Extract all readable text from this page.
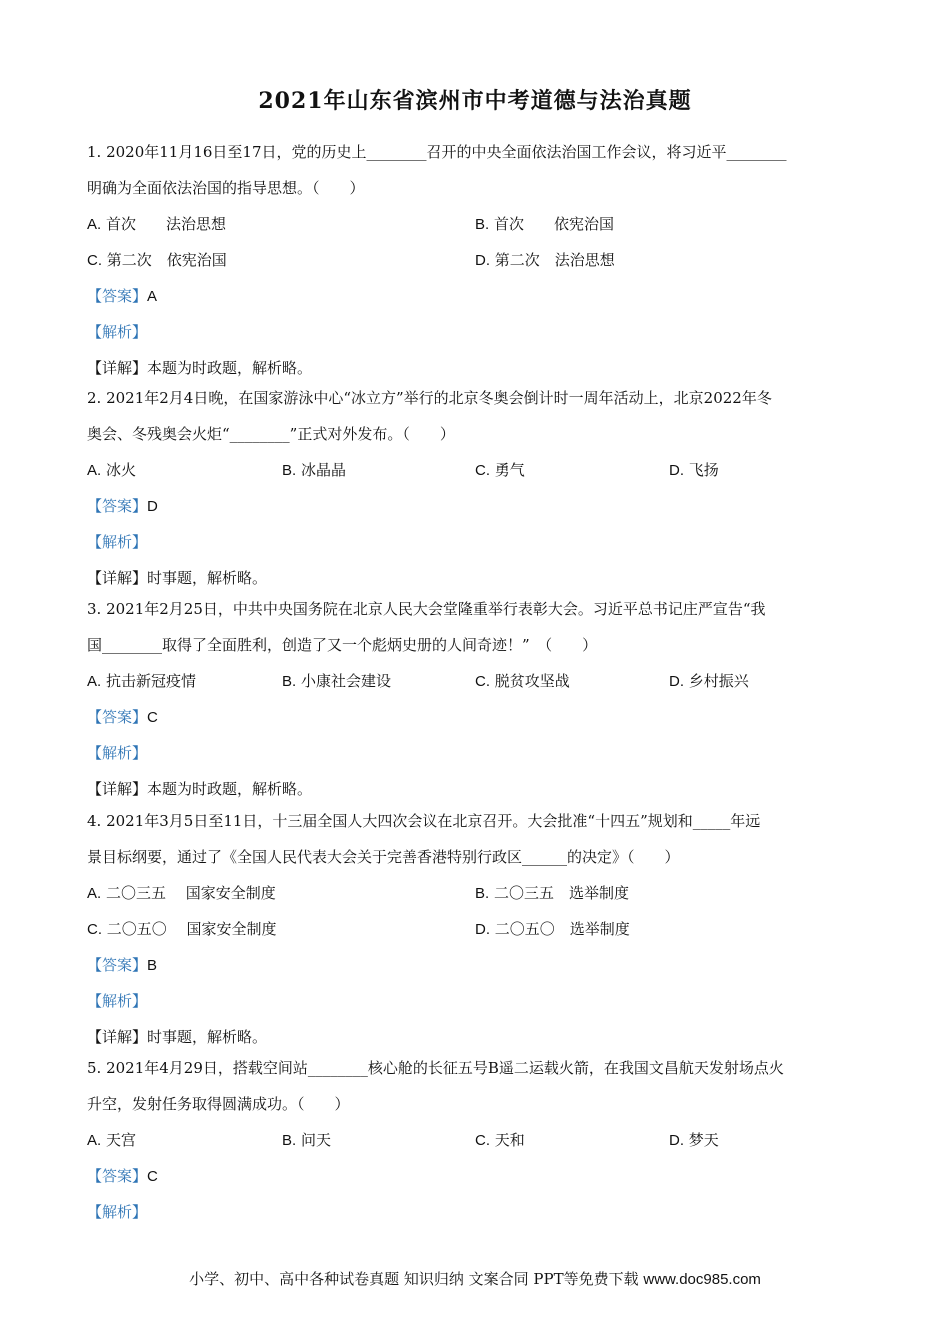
2021年山东省滨州市中考道德与法治真题
1. 2020年11月16日至17日，党的历史上________召开的中央全面依法治国工作会议，将习近平________
明确为全面依法治国的指导思想。（　　）
A. 首次　　法治思想	B. 首次　　依宪治国
C. 第二次　依宪治国	D. 第二次　法治思想
【答案】A
【解析】
【详解】本题为时政题，解析略。
2. 2021年2月4日晚，在国家游泳中心“冰立方”举行的北京冬奥会倒计时一周年活动上，北京2022年冬
奥会、冬残奥会火炬“________”正式对外发布。（　　）
A. 冰火	B. 冰晶晶	C. 勇气	D. 飞扬
【答案】D
【解析】
【详解】时事题，解析略。
3. 2021年2月25日，中共中央国务院在北京人民大会堂隆重举行表彰大会。习近平总书记庄严宣告“我
国________取得了全面胜利，创造了又一个彪炳史册的人间奇迹！”　（　　）
A. 抗击新冠疫情	B. 小康社会建设	C. 脱贫攻坚战	D. 乡村振兴
【答案】C
【解析】
【详解】本题为时政题，解析略。
4. 2021年3月5日至11日，十三届全国人大四次会议在北京召开。大会批准“十四五”规划和_____年远
景目标纲要，通过了《全国人民代表大会关于完善香港特别行政区______的决定》（　　）
A. 二〇三五　 国家安全制度	B. 二〇三五　选举制度
C. 二〇五〇　 国家安全制度	D. 二〇五〇　选举制度
【答案】B
【解析】
【详解】时事题，解析略。
5. 2021年4月29日，搭载空间站________核心舱的长征五号B遥二运载火箭，在我国文昌航天发射场点火
升空，发射任务取得圆满成功。（　　）
A. 天宫	B. 问天	C. 天和	D. 梦天
【答案】C
【解析】
小学、初中、高中各种试卷真题 知识归纳 文案合同 PPT等免费下载 www.doc985.com
